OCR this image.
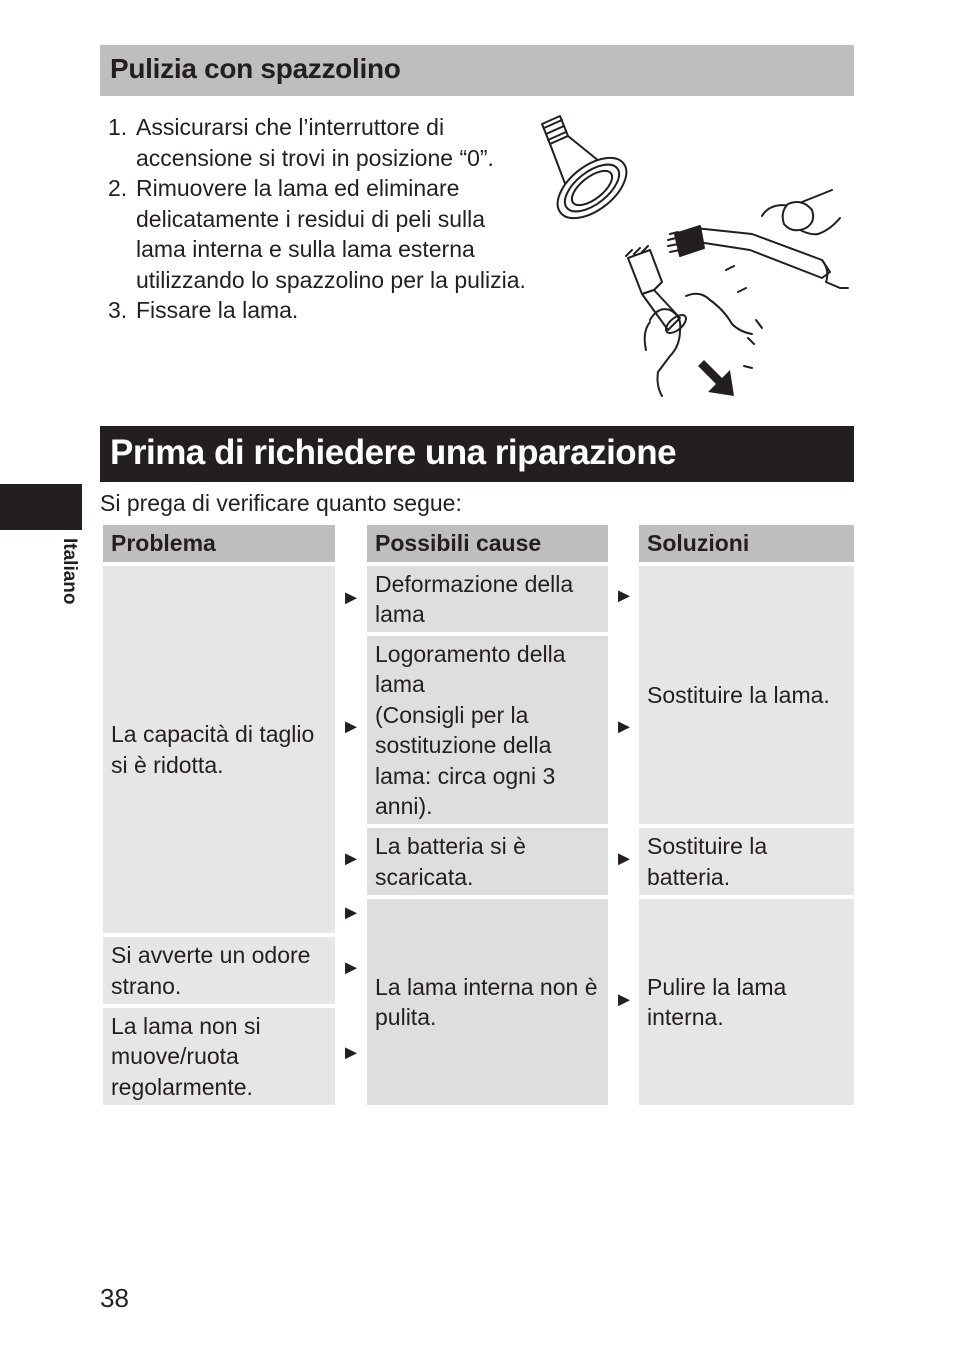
Pulizia con spazzolino
1. Assicurarsi che l’interruttore di accensione si trovi in posizione “0”.
2. Rimuovere la lama ed eliminare delicatamente i residui di peli sulla lama interna e sulla lama esterna utilizzando lo spazzolino per la pulizia.
3. Fissare la lama.
Prima di richiedere una riparazione
Italiano
Si prega di verificare quanto segue:
Problema	Possibili cause	Soluzioni
La capacità di taglio si è ridotta.
Si avverte un odore strano.
La lama non si muove/ruota regolarmente.
Deformazione della lama
Logoramento della lama
(Consigli per la sostituzione della lama: circa ogni 3 anni).
La batteria si è scaricata.
La lama interna non è pulita.
Sostituire la lama.
Sostituire la batteria.
Pulire la lama interna.
►
►
►
►
►
►
►
►
►
►
38
